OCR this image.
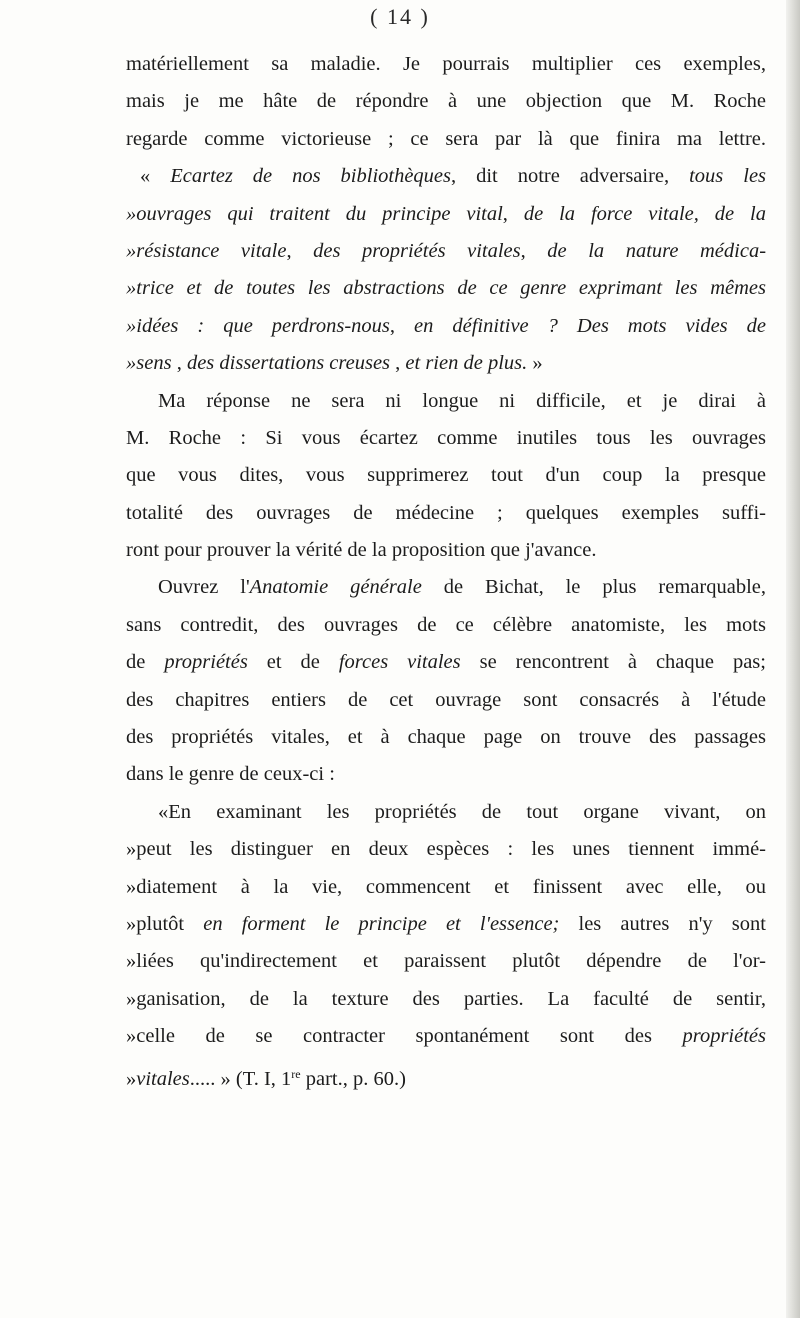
( 14 )
matériellement sa maladie. Je pourrais multiplier ces exemples,
mais je me hâte de répondre à une objection que M. Roche
regarde comme victorieuse ; ce sera par là que finira ma lettre.
« Ecartez de nos bibliothèques, dit notre adversaire, tous les
»ouvrages qui traitent du principe vital, de la force vitale, de la
»résistance vitale, des propriétés vitales, de la nature médica-
»trice et de toutes les abstractions de ce genre exprimant les mêmes
»idées : que perdrons-nous, en définitive ? Des mots vides de
»sens , des dissertations creuses , et rien de plus. »
Ma réponse ne sera ni longue ni difficile, et je dirai à
M. Roche : Si vous écartez comme inutiles tous les ouvrages
que vous dites, vous supprimerez tout d'un coup la presque
totalité des ouvrages de médecine ; quelques exemples suffi-
ront pour prouver la vérité de la proposition que j'avance.
Ouvrez l'Anatomie générale de Bichat, le plus remarquable,
sans contredit, des ouvrages de ce célèbre anatomiste, les mots
de propriétés et de forces vitales se rencontrent à chaque pas;
des chapitres entiers de cet ouvrage sont consacrés à l'étude
des propriétés vitales, et à chaque page on trouve des passages
dans le genre de ceux-ci :
«En examinant les propriétés de tout organe vivant, on
»peut les distinguer en deux espèces : les unes tiennent immé-
»diatement à la vie, commencent et finissent avec elle, ou
»plutôt en forment le principe et l'essence; les autres n'y sont
»liées qu'indirectement et paraissent plutôt dépendre de l'or-
»ganisation, de la texture des parties. La faculté de sentir,
»celle de se contracter spontanément sont des propriétés
»vitales..... » (T. I, 1re part., p. 60.)
